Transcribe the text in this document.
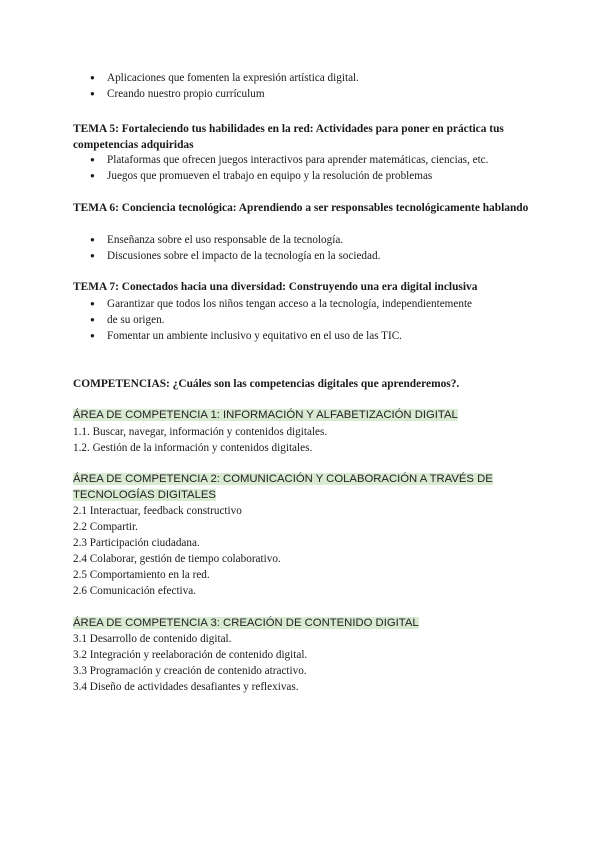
● Aplicaciones que fomenten la expresión artística digital.
● Creando nuestro propio currículum

TEMA 5: Fortaleciendo tus habilidades en la red: Actividades para poner en práctica tus competencias adquiridas

● Plataformas que ofrecen juegos interactivos para aprender matemáticas, ciencias, etc.
● Juegos que promueven el trabajo en equipo y la resolución de problemas

TEMA 6: Conciencia tecnológica: Aprendiendo a ser responsables tecnológicamente hablando

● Enseñanza sobre el uso responsable de la tecnología.
● Discusiones sobre el impacto de la tecnología en la sociedad.

TEMA 7: Conectados hacia una diversidad: Construyendo una era digital inclusiva

● Garantizar que todos los niños tengan acceso a la tecnología, independientemente
● de su origen.
● Fomentar un ambiente inclusivo y equitativo en el uso de las TIC.

COMPETENCIAS: ¿Cuáles son las competencias digitales que aprenderemos?.

ÁREA DE COMPETENCIA 1: INFORMACIÓN Y ALFABETIZACIÓN DIGITAL

1.1. Buscar, navegar, información y contenidos digitales.
1.2. Gestión de la información y contenidos digitales.

ÁREA DE COMPETENCIA 2: COMUNICACIÓN Y COLABORACIÓN A TRAVÉS DE TECNOLOGÍAS DIGITALES

2.1 Interactuar, feedback constructivo
2.2 Compartir.
2.3 Participación ciudadana.
2.4 Colaborar, gestión de tiempo colaborativo.
2.5 Comportamiento en la red.
2.6 Comunicación efectiva.

ÁREA DE COMPETENCIA 3: CREACIÓN DE CONTENIDO DIGITAL

3.1 Desarrollo de contenido digital.
3.2 Integración y reelaboración de contenido digital.
3.3 Programación y creación de contenido atractivo.
3.4 Diseño de actividades desafiantes y reflexivas.
